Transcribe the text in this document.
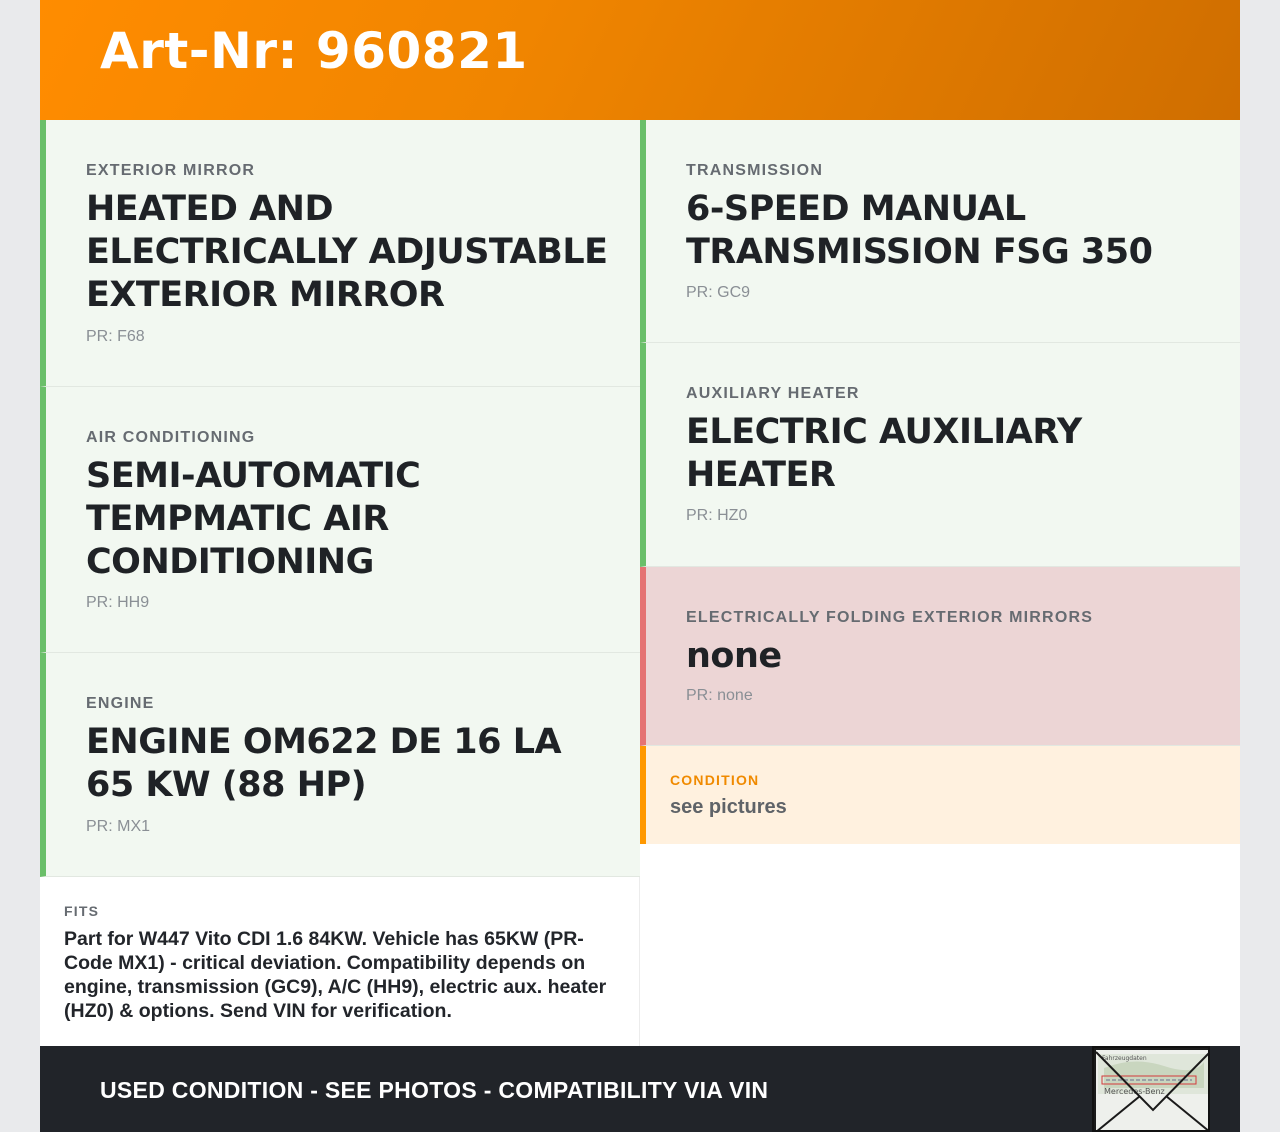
Art-Nr: 960821
EXTERIOR MIRROR
HEATED AND ELECTRICALLY ADJUSTABLE EXTERIOR MIRROR
PR: F68
AIR CONDITIONING
SEMI-AUTOMATIC TEMPMATIC AIR CONDITIONING
PR: HH9
ENGINE
ENGINE OM622 DE 16 LA 65 KW (88 HP)
PR: MX1
FITS
Part for W447 Vito CDI 1.6 84KW. Vehicle has 65KW (PR-Code MX1) - critical deviation. Compatibility depends on engine, transmission (GC9), A/C (HH9), electric aux. heater (HZ0) & options. Send VIN for verification.
TRANSMISSION
6-SPEED MANUAL TRANSMISSION FSG 350
PR: GC9
AUXILIARY HEATER
ELECTRIC AUXILIARY HEATER
PR: HZ0
ELECTRICALLY FOLDING EXTERIOR MIRRORS
none
PR: none
CONDITION
see pictures
USED CONDITION - SEE PHOTOS - COMPATIBILITY VIA VIN
Fahrzeugdaten
Mercedes-Benz
